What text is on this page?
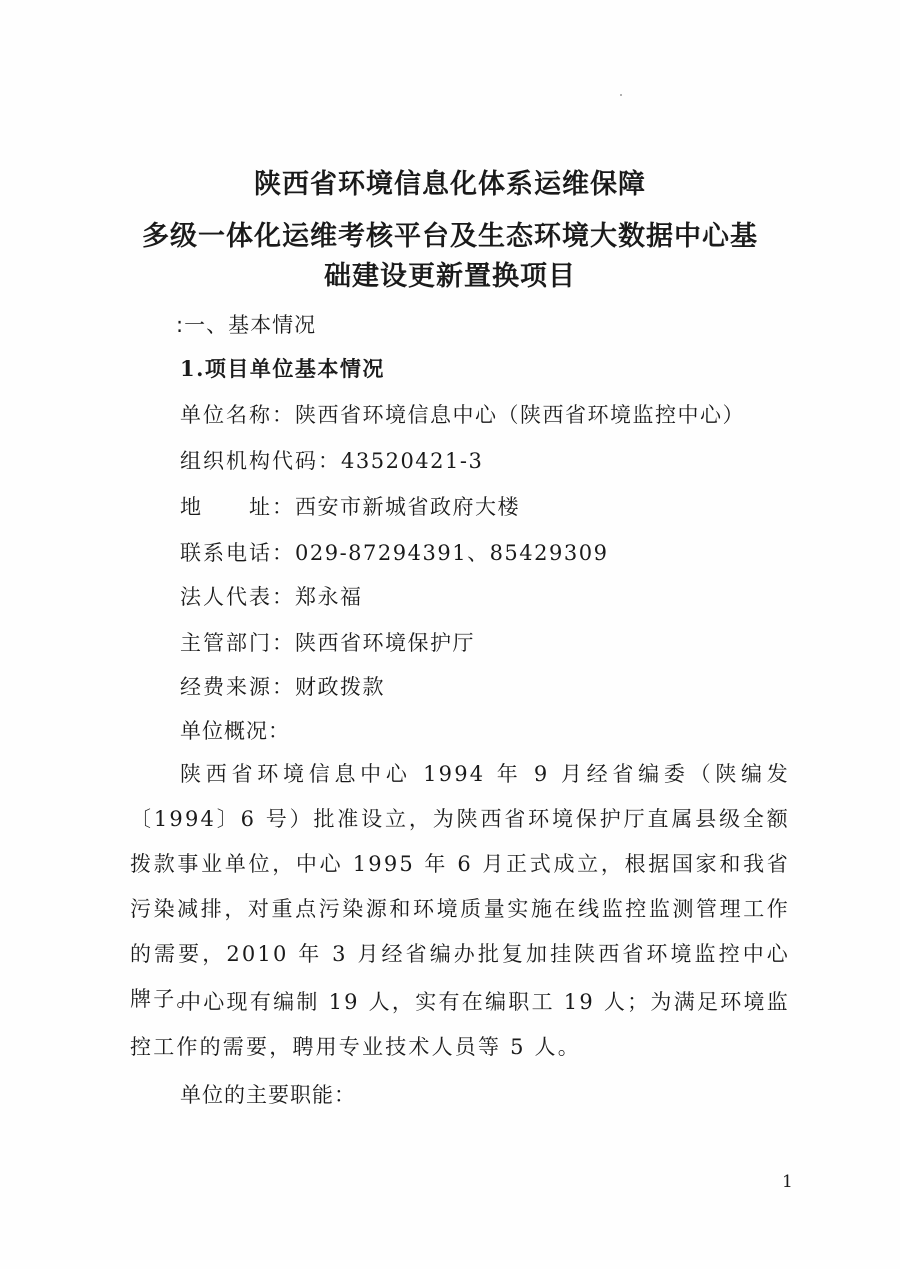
陕西省环境信息化体系运维保障
多级一体化运维考核平台及生态环境大数据中心基
础建设更新置换项目
:一、基本情况
1.项目单位基本情况
单位名称：陕西省环境信息中心（陕西省环境监控中心）
组织机构代码：43520421-3
地　　址：西安市新城省政府大楼
联系电话：029-87294391、85429309
法人代表：郑永福
主管部门：陕西省环境保护厅
经费来源：财政拨款
单位概况：
陕西省环境信息中心 1994 年 9 月经省编委（陕编发〔1994〕6 号）批准设立，为陕西省环境保护厅直属县级全额拨款事业单位，中心 1995 年 6 月正式成立，根据国家和我省污染减排，对重点污染源和环境质量实施在线监控监测管理工作的需要，2010 年 3 月经省编办批复加挂陕西省环境监控中心牌子。
中心现有编制 19 人，实有在编职工 19 人；为满足环境监控工作的需要，聘用专业技术人员等 5 人。
单位的主要职能：
1
